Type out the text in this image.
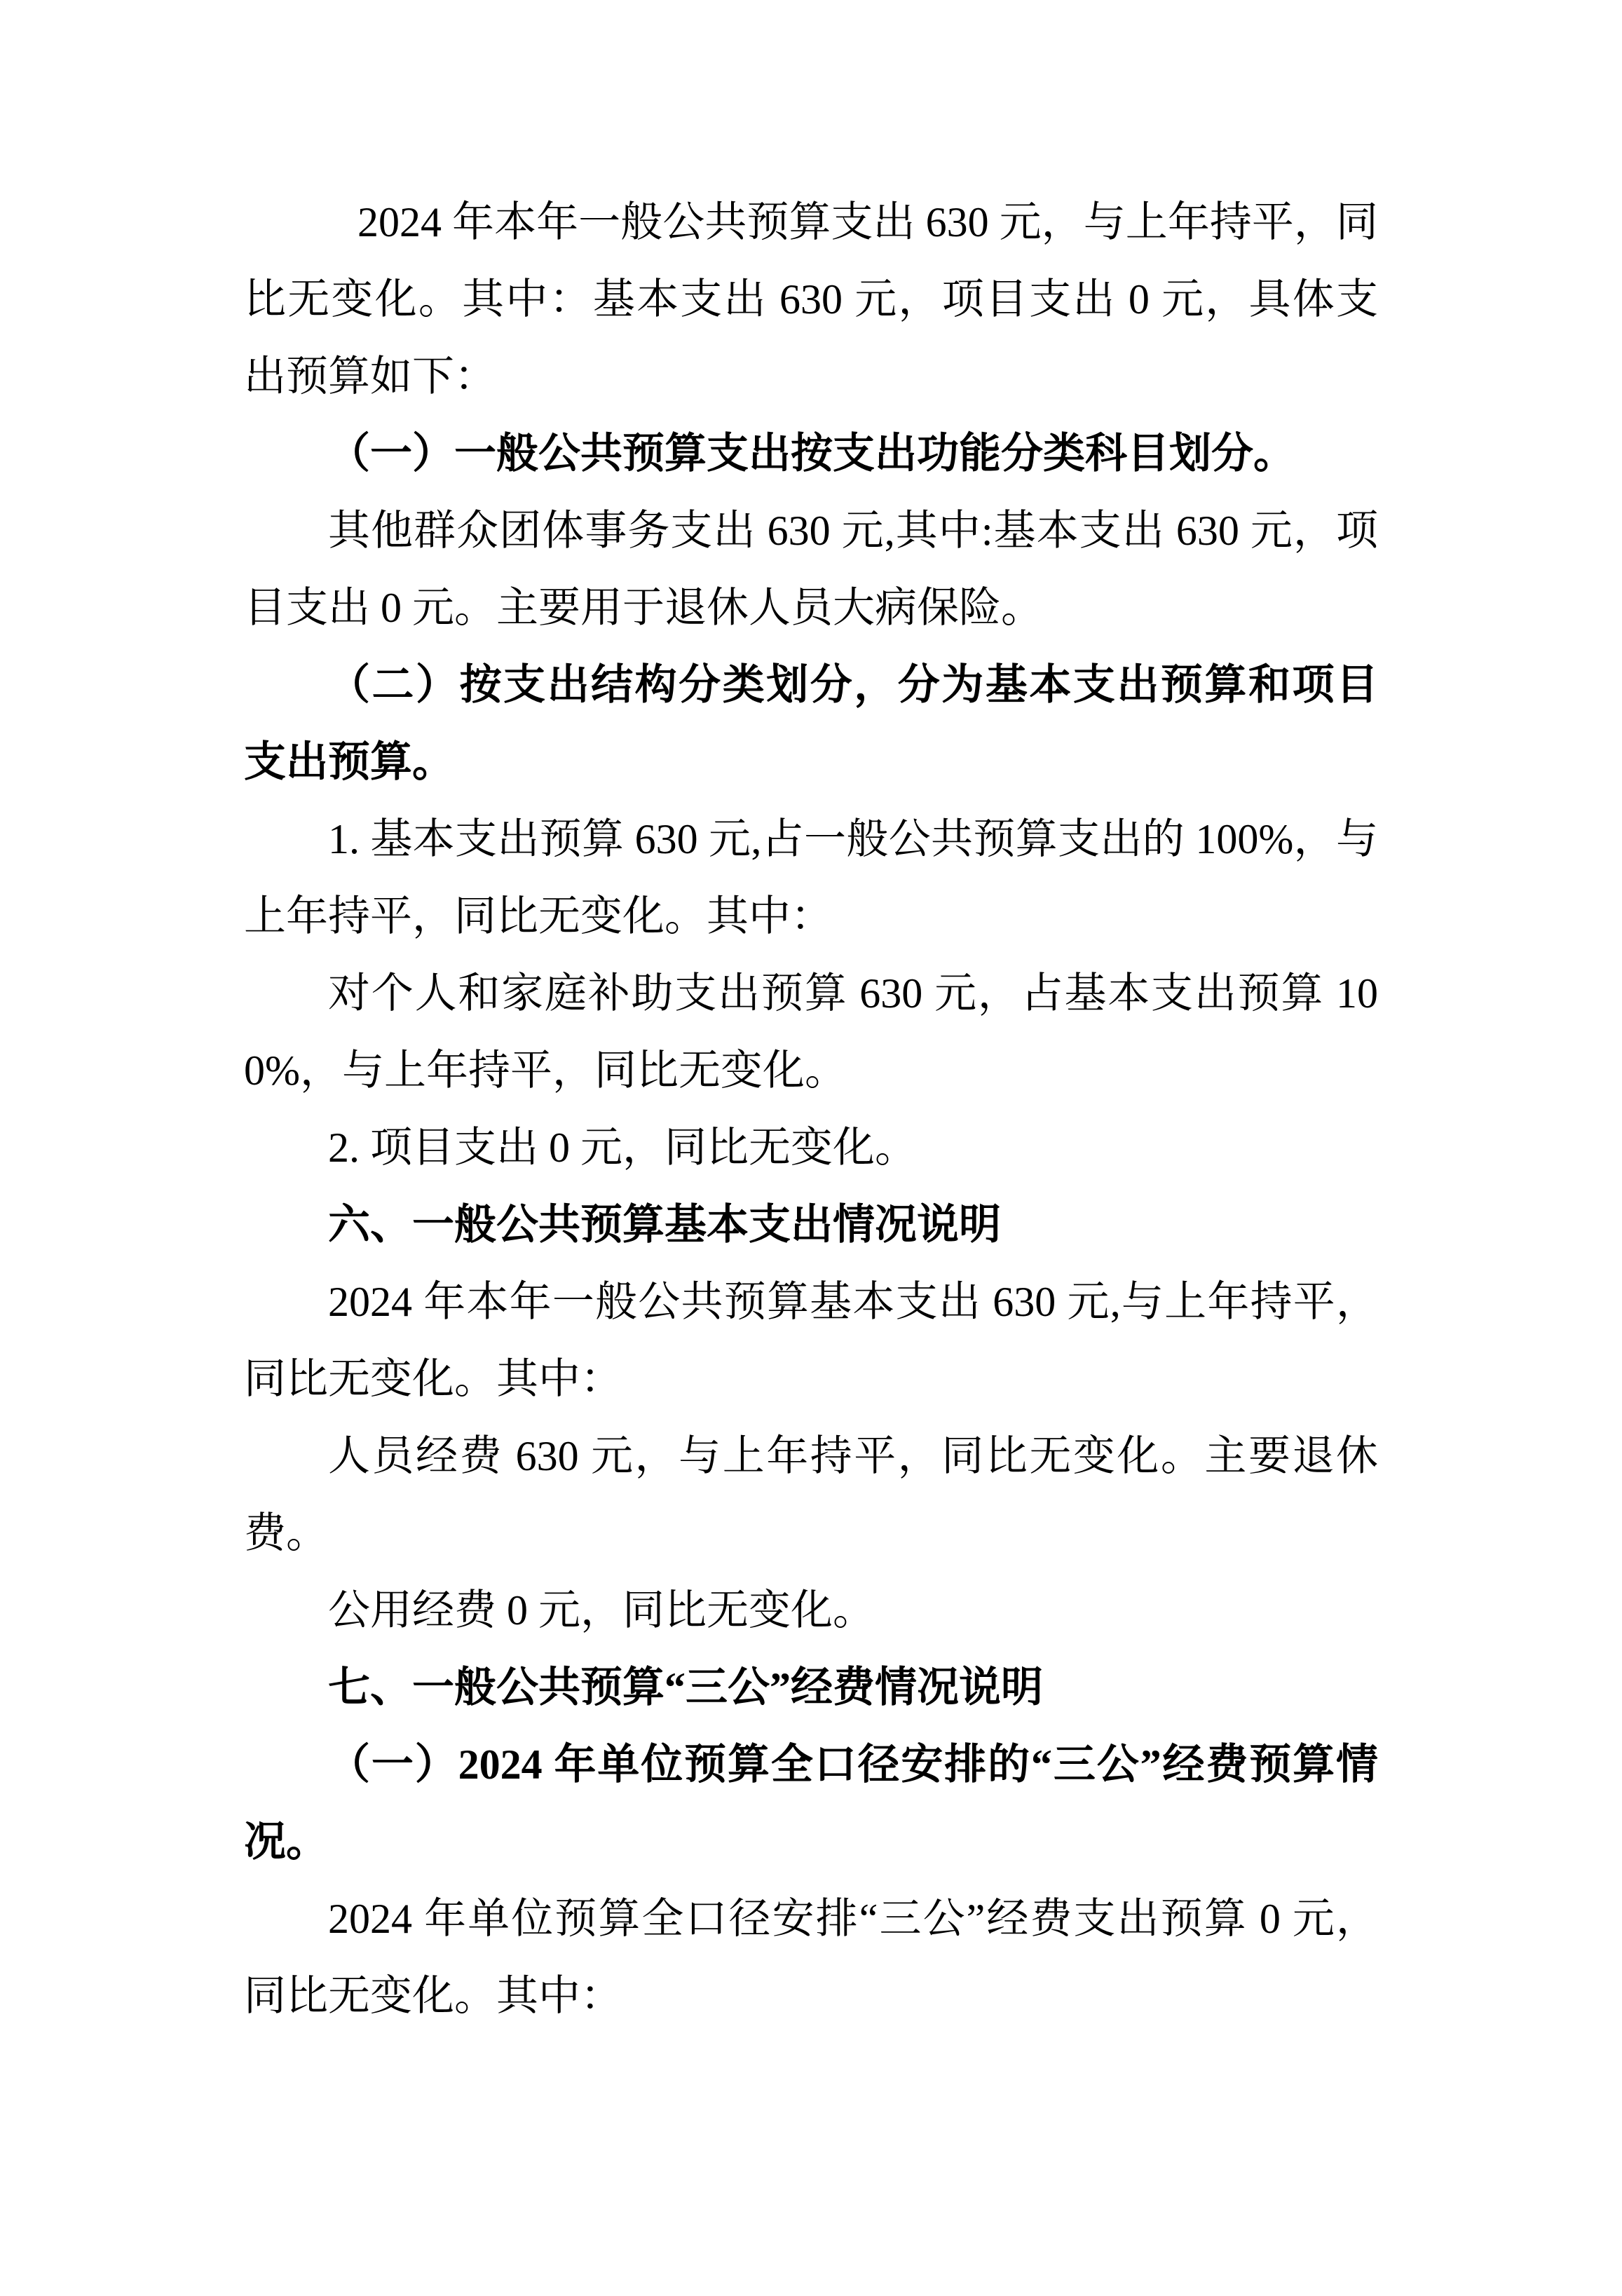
2024 年本年一般公共预算支出 630 元，与上年持平，同比无变化。其中：基本支出 630 元，项目支出 0 元，具体支出预算如下：

（一）一般公共预算支出按支出功能分类科目划分。

其他群众团体事务支出 630 元,其中:基本支出 630 元，项目支出 0 元。主要用于退休人员大病保险。

（二）按支出结构分类划分，分为基本支出预算和项目支出预算。

1. 基本支出预算 630 元,占一般公共预算支出的 100%，与上年持平，同比无变化。其中：

对个人和家庭补助支出预算 630 元，占基本支出预算 100%，与上年持平，同比无变化。

2. 项目支出 0 元，同比无变化。

六、一般公共预算基本支出情况说明

2024 年本年一般公共预算基本支出 630 元,与上年持平，同比无变化。其中：

人员经费 630 元，与上年持平，同比无变化。主要退休费。

公用经费 0 元，同比无变化。

七、一般公共预算“三公”经费情况说明

（一）2024 年单位预算全口径安排的“三公”经费预算情况。

2024 年单位预算全口径安排“三公”经费支出预算 0 元，同比无变化。其中：
